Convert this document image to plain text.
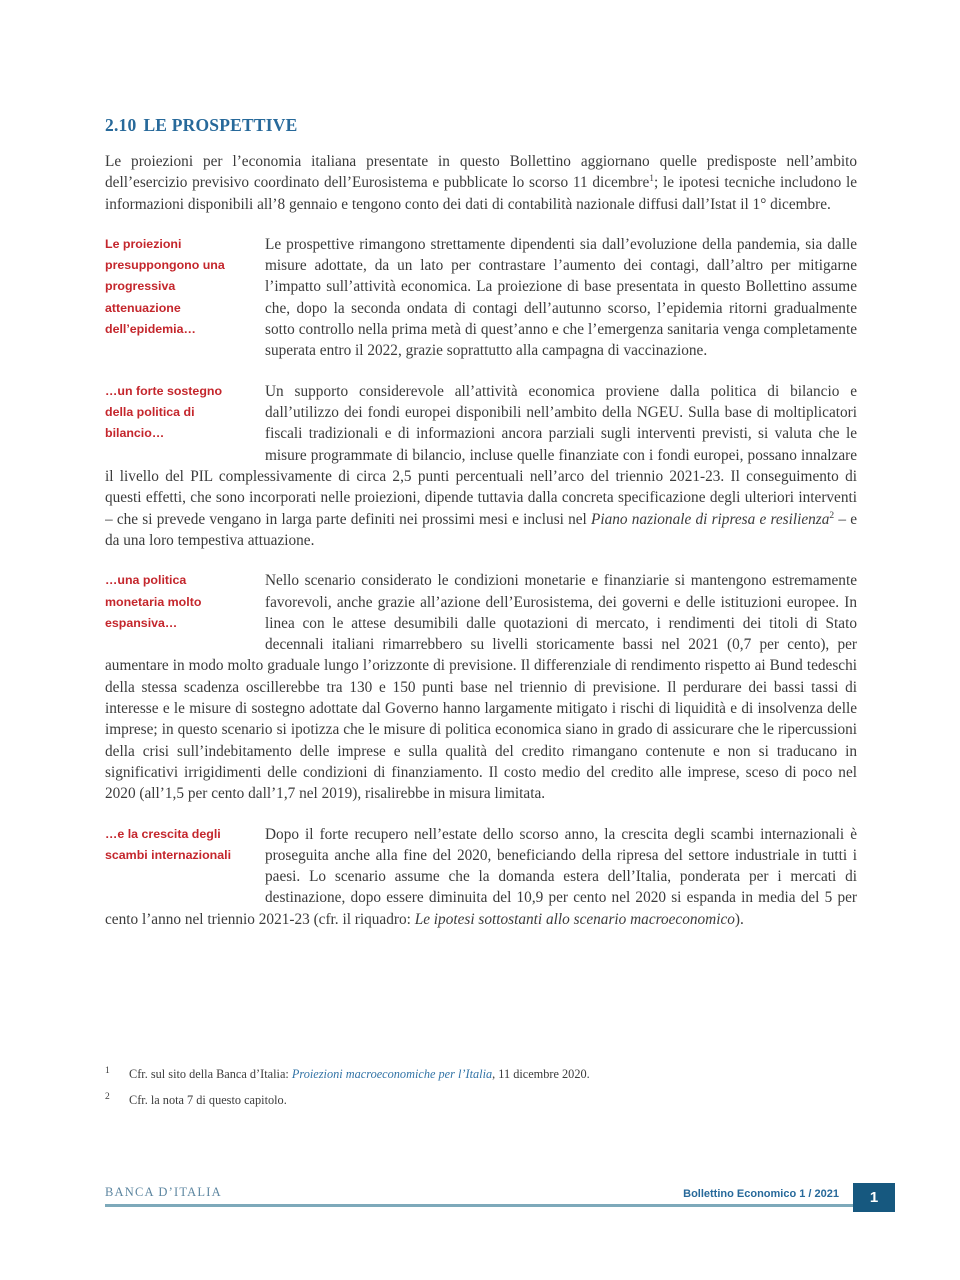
2.10 LE PROSPETTIVE

Le proiezioni per l’economia italiana presentate in questo Bollettino aggiornano quelle predisposte nell’ambito dell’esercizio previsivo coordinato dell’Eurosistema e pubblicate lo scorso 11 dicembre$^1$; le ipotesi tecniche includono le informazioni disponibili all’8 gennaio e tengono conto dei dati di contabilità nazionale diffusi dall’Istat il 1° dicembre.

Le proiezioni presuppongono una progressiva attenuazione dell’epidemia…

Le prospettive rimangono strettamente dipendenti sia dall’evoluzione della pandemia, sia dalle misure adottate, da un lato per contrastare l’aumento dei contagi, dall’altro per mitigarne l’impatto sull’attività economica. La proiezione di base presentata in questo Bollettino assume che, dopo la seconda ondata di contagi dell’autunno scorso, l’epidemia ritorni gradualmente sotto controllo nella prima metà di quest’anno e che l’emergenza sanitaria venga completamente superata entro il 2022, grazie soprattutto alla campagna di vaccinazione.

…un forte sostegno della politica di bilancio…

Un supporto considerevole all’attività economica proviene dalla politica di bilancio e dall’utilizzo dei fondi europei disponibili nell’ambito della NGEU. Sulla base di moltiplicatori fiscali tradizionali e di informazioni ancora parziali sugli interventi previsti, si valuta che le misure programmate di bilancio, incluse quelle finanziate con i fondi europei, possano innalzare il livello del PIL complessivamente di circa 2,5 punti percentuali nell’arco del triennio 2021-23. Il conseguimento di questi effetti, che sono incorporati nelle proiezioni, dipende tuttavia dalla concreta specificazione degli ulteriori interventi – che si prevede vengano in larga parte definiti nei prossimi mesi e inclusi nel Piano nazionale di ripresa e resilienza$^2$ – e da una loro tempestiva attuazione.

…una politica monetaria molto espansiva…

Nello scenario considerato le condizioni monetarie e finanziarie si mantengono estremamente favorevoli, anche grazie all’azione dell’Eurosistema, dei governi e delle istituzioni europee. In linea con le attese desumibili dalle quotazioni di mercato, i rendimenti dei titoli di Stato decennali italiani rimarrebbero su livelli storicamente bassi nel 2021 (0,7 per cento), per aumentare in modo molto graduale lungo l’orizzonte di previsione. Il differenziale di rendimento rispetto ai Bund tedeschi della stessa scadenza oscillerebbe tra 130 e 150 punti base nel triennio di previsione. Il perdurare dei bassi tassi di interesse e le misure di sostegno adottate dal Governo hanno largamente mitigato i rischi di liquidità e di insolvenza delle imprese; in questo scenario si ipotizza che le misure di politica economica siano in grado di assicurare che le ripercussioni della crisi sull’indebitamento delle imprese e sulla qualità del credito rimangano contenute e non si traducano in significativi irrigidimenti delle condizioni di finanziamento. Il costo medio del credito alle imprese, sceso di poco nel 2020 (all’1,5 per cento dall’1,7 nel 2019), risalirebbe in misura limitata.

…e la crescita degli scambi internazionali

Dopo il forte recupero nell’estate dello scorso anno, la crescita degli scambi internazionali è proseguita anche alla fine del 2020, beneficiando della ripresa del settore industriale in tutti i paesi. Lo scenario assume che la domanda estera dell’Italia, ponderata per i mercati di destinazione, dopo essere diminuita del 10,9 per cento nel 2020 si espanda in media del 5 per cento l’anno nel triennio 2021-23 (cfr. il riquadro: Le ipotesi sottostanti allo scenario macroeconomico).

1	Cfr. sul sito della Banca d’Italia: Proiezioni macroeconomiche per l’Italia, 11 dicembre 2020.
2	Cfr. la nota 7 di questo capitolo.
BANCA D’ITALIA	Bollettino Economico 1 / 2021	1
